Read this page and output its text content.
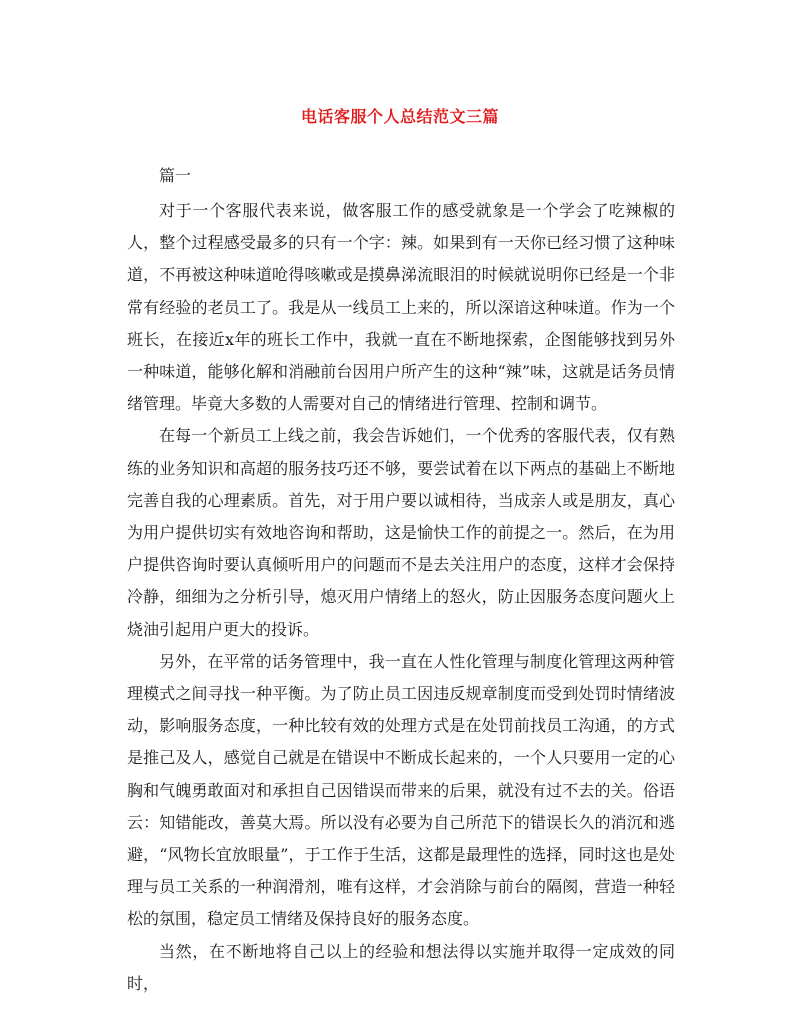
电话客服个人总结范文三篇
篇一

对于一个客服代表来说，做客服工作的感受就象是一个学会了吃辣椒的人，整个过程感受最多的只有一个字：辣。如果到有一天你已经习惯了这种味道，不再被这种味道呛得咳嗽或是摸鼻涕流眼泪的时候就说明你已经是一个非常有经验的老员工了。我是从一线员工上来的，所以深谙这种味道。作为一个班长，在接近x年的班长工作中，我就一直在不断地探索，企图能够找到另外一种味道，能够化解和消融前台因用户所产生的这种“辣”味，这就是话务员情绪管理。毕竟大多数的人需要对自己的情绪进行管理、控制和调节。

在每一个新员工上线之前，我会告诉她们，一个优秀的客服代表，仅有熟练的业务知识和高超的服务技巧还不够，要尝试着在以下两点的基础上不断地完善自我的心理素质。首先，对于用户要以诚相待，当成亲人或是朋友，真心为用户提供切实有效地咨询和帮助，这是愉快工作的前提之一。然后，在为用户提供咨询时要认真倾听用户的问题而不是去关注用户的态度，这样才会保持冷静，细细为之分析引导，熄灭用户情绪上的怒火，防止因服务态度问题火上烧油引起用户更大的投诉。

另外，在平常的话务管理中，我一直在人性化管理与制度化管理这两种管理模式之间寻找一种平衡。为了防止员工因违反规章制度而受到处罚时情绪波动，影响服务态度，一种比较有效的处理方式是在处罚前找员工沟通，的方式是推己及人，感觉自己就是在错误中不断成长起来的，一个人只要用一定的心胸和气魄勇敢面对和承担自己因错误而带来的后果，就没有过不去的关。俗语云：知错能改，善莫大焉。所以没有必要为自己所范下的错误长久的消沉和逃避，“风物长宜放眼量”，于工作于生活，这都是最理性的选择，同时这也是处理与员工关系的一种润滑剂，唯有这样，才会消除与前台的隔阂，营造一种轻松的氛围，稳定员工情绪及保持良好的服务态度。

当然，在不断地将自己以上的经验和想法得以实施并取得一定成效的同时，
